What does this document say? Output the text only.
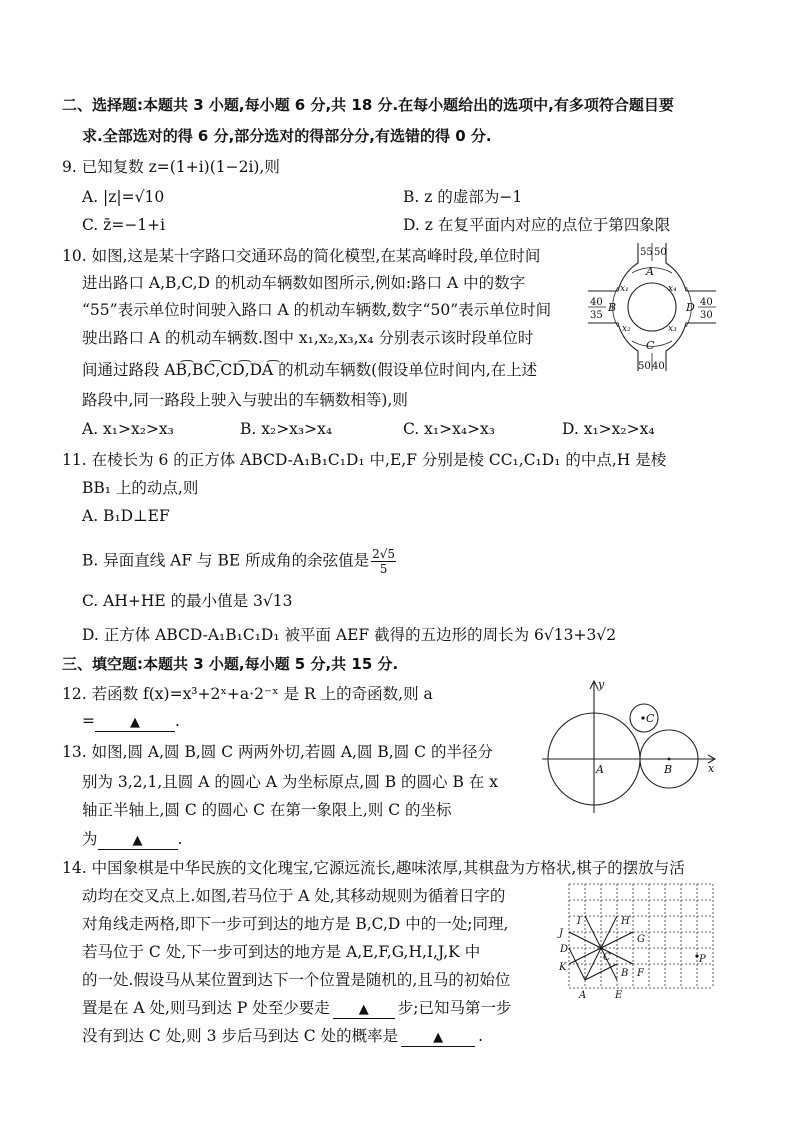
二、选择题:本题共 3 小题,每小题 6 分,共 18 分.在每小题给出的选项中,有多项符合题目要
求.全部选对的得 6 分,部分选对的得部分分,有选错的得 0 分.
9. 已知复数 z=(1+i)(1−2i),则
A. |z|=√10	B. z 的虚部为−1
C. z̄=−1+i	D. z 在复平面内对应的点位于第四象限
10. 如图,这是某十字路口交通环岛的简化模型,在某高峰时段,单位时间
进出路口 A,B,C,D 的机动车辆数如图所示,例如:路口 A 中的数字
“55”表示单位时间驶入路口 A 的机动车辆数,数字“50”表示单位时间
驶出路口 A 的机动车辆数.图中 x₁,x₂,x₃,x₄ 分别表示该时段单位时
间通过路段 AB͡,BC͡,CD͡,DA͡ 的机动车辆数(假设单位时间内,在上述
路段中,同一路段上驶入与驶出的车辆数相等),则
A. x₁>x₂>x₃	B. x₂>x₃>x₄	C. x₁>x₄>x₃	D. x₁>x₂>x₄
55 50
40
35
40
30
50 40
A
B
C
D
x₁
x₂	x₃
x₄
11. 在棱长为 6 的正方体 ABCD-A₁B₁C₁D₁ 中,E,F 分别是棱 CC₁,C₁D₁ 的中点,H 是棱
BB₁ 上的动点,则
A. B₁D⊥EF
B. 异面直线 AF 与 BE 所成角的余弦值是 $\frac{2√5}{5}$
C. AH+HE 的最小值是 3√13
D. 正方体 ABCD-A₁B₁C₁D₁ 被平面 AEF 截得的五边形的周长为 6√13+3√2
三、填空题:本题共 3 小题,每小题 5 分,共 15 分.
12. 若函数 f(x)=x³+2ˣ+a·2⁻ˣ 是 R 上的奇函数,则 a
=	▲ .
13. 如图,圆 A,圆 B,圆 C 两两外切,若圆 A,圆 B,圆 C 的半径分
别为 3,2,1,且圆 A 的圆心 A 为坐标原点,圆 B 的圆心 B 在 x
轴正半轴上,圆 C 的圆心 C 在第一象限上,则 C 的坐标
为	▲ .
y
x
A	B
C
14. 中国象棋是中华民族的文化瑰宝,它源远流长,趣味浓厚,其棋盘为方格状,棋子的摆放与活
动均在交叉点上.如图,若马位于 A 处,其移动规则为循着日字的
对角线走两格,即下一步可到达的地方是 B,C,D 中的一处;同理,
若马位于 C 处,下一步可到达的地方是 A,E,F,G,H,I,J,K 中
的一处.假设马从某位置到达下一个位置是随机的,且马的初始位
置是在 A 处,则马到达 P 处至少要走 ▲ 步;已知马第一步
没有到达 C 处,则 3 步后马到达 C 处的概率是	▲ .
A
B
C
D
E
F
G
H
I
J
K
P
